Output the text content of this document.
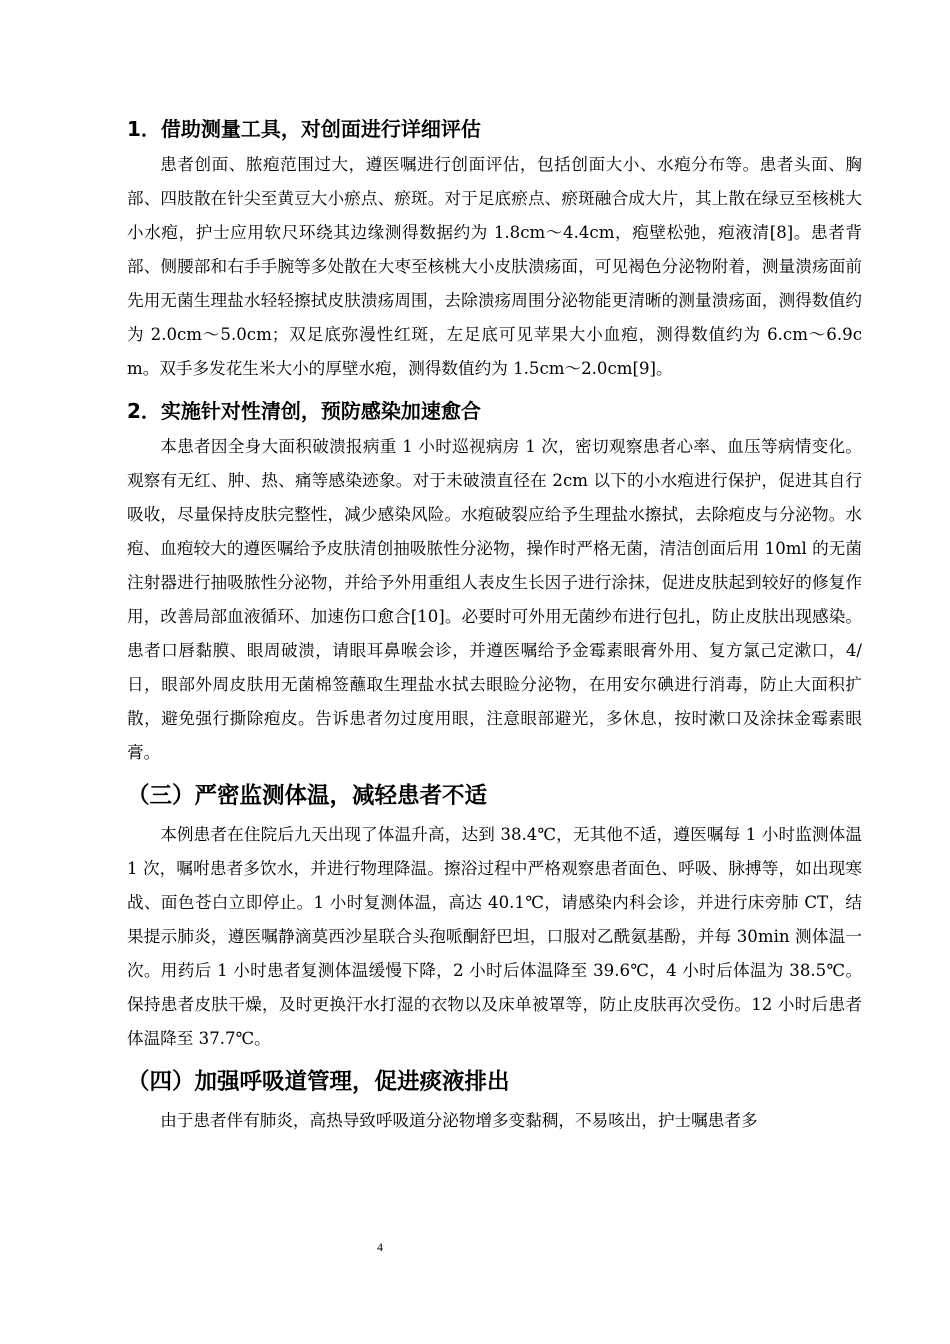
1．借助测量工具，对创面进行详细评估

患者创面、脓疱范围过大，遵医嘱进行创面评估，包括创面大小、水疱分布等。患者头面、胸部、四肢散在针尖至黄豆大小瘀点、瘀斑。对于足底瘀点、瘀斑融合成大片，其上散在绿豆至核桃大小水疱，护士应用软尺环绕其边缘测得数据约为 1.8cm～4.4cm，疱壁松弛，疱液清[8]。患者背部、侧腰部和右手手腕等多处散在大枣至核桃大小皮肤溃疡面，可见褐色分泌物附着，测量溃疡面前先用无菌生理盐水轻轻擦拭皮肤溃疡周围，去除溃疡周围分泌物能更清晰的测量溃疡面，测得数值约为 2.0cm～5.0cm；双足底弥漫性红斑，左足底可见苹果大小血疱，测得数值约为 6.cm～6.9cm。双手多发花生米大小的厚壁水疱，测得数值约为 1.5cm～2.0cm[9]。

2．实施针对性清创，预防感染加速愈合

本患者因全身大面积破溃报病重 1 小时巡视病房 1 次，密切观察患者心率、血压等病情变化。观察有无红、肿、热、痛等感染迹象。对于未破溃直径在 2cm 以下的小水疱进行保护，促进其自行吸收，尽量保持皮肤完整性，减少感染风险。水疱破裂应给予生理盐水擦拭，去除疱皮与分泌物。水疱、血疱较大的遵医嘱给予皮肤清创抽吸脓性分泌物，操作时严格无菌，清洁创面后用 10ml 的无菌注射器进行抽吸脓性分泌物，并给予外用重组人表皮生长因子进行涂抹，促进皮肤起到较好的修复作用，改善局部血液循环、加速伤口愈合[10]。必要时可外用无菌纱布进行包扎，防止皮肤出现感染。患者口唇黏膜、眼周破溃，请眼耳鼻喉会诊，并遵医嘱给予金霉素眼膏外用、复方氯己定漱口，4/日，眼部外周皮肤用无菌棉签蘸取生理盐水拭去眼睑分泌物，在用安尔碘进行消毒，防止大面积扩散，避免强行撕除疱皮。告诉患者勿过度用眼，注意眼部避光，多休息，按时漱口及涂抹金霉素眼膏。

（三）严密监测体温，减轻患者不适

本例患者在住院后九天出现了体温升高，达到 38.4℃，无其他不适，遵医嘱每 1 小时监测体温 1 次，嘱咐患者多饮水，并进行物理降温。擦浴过程中严格观察患者面色、呼吸、脉搏等，如出现寒战、面色苍白立即停止。1 小时复测体温，高达 40.1℃，请感染内科会诊，并进行床旁肺 CT，结果提示肺炎，遵医嘱静滴莫西沙星联合头孢哌酮舒巴坦，口服对乙酰氨基酚，并每 30min 测体温一次。用药后 1 小时患者复测体温缓慢下降，2 小时后体温降至 39.6℃，4 小时后体温为 38.5℃。保持患者皮肤干燥，及时更换汗水打湿的衣物以及床单被罩等，防止皮肤再次受伤。12 小时后患者体温降至 37.7℃。

（四）加强呼吸道管理，促进痰液排出

由于患者伴有肺炎，高热导致呼吸道分泌物增多变黏稠，不易咳出，护士嘱患者多

4
